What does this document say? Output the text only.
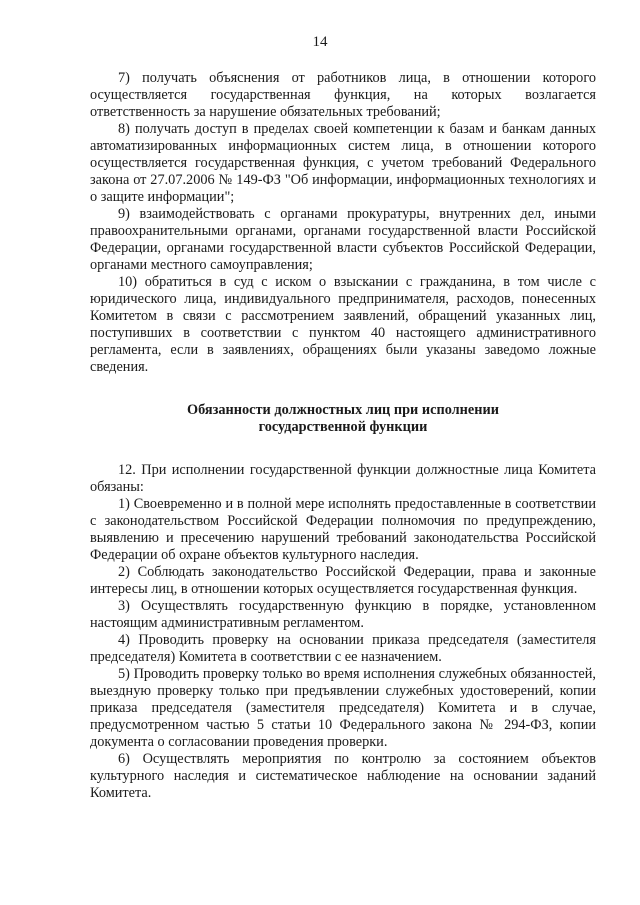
14

7) получать объяснения от работников лица, в отношении которого осуществляется государственная функция, на которых возлагается ответственность за нарушение обязательных требований;

8) получать доступ в пределах своей компетенции к базам и банкам данных автоматизированных информационных систем лица, в отношении которого осуществляется государственная функция, с учетом требований Федерального закона от 27.07.2006 № 149-ФЗ "Об информации, информационных технологиях и о защите информации";

9) взаимодействовать с органами прокуратуры, внутренних дел, иными правоохранительными органами, органами государственной власти Российской Федерации, органами государственной власти субъектов Российской Федерации, органами местного самоуправления;

10) обратиться в суд с иском о взыскании с гражданина, в том числе с юридического лица, индивидуального предпринимателя, расходов, понесенных Комитетом в связи с рассмотрением заявлений, обращений указанных лиц, поступивших в соответствии с пунктом 40 настоящего административного регламента, если в заявлениях, обращениях были указаны заведомо ложные сведения.

Обязанности должностных лиц при исполнении
государственной функции

12. При исполнении государственной функции должностные лица Комитета обязаны:

1) Своевременно и в полной мере исполнять предоставленные в соответствии с законодательством Российской Федерации полномочия по предупреждению, выявлению и пресечению нарушений требований законодательства Российской Федерации об охране объектов культурного наследия.

2) Соблюдать законодательство Российской Федерации, права и законные интересы лиц, в отношении которых осуществляется государственная функция.

3) Осуществлять государственную функцию в порядке, установленном настоящим административным регламентом.

4) Проводить проверку на основании приказа председателя (заместителя председателя) Комитета в соответствии с ее назначением.

5) Проводить проверку только во время исполнения служебных обязанностей, выездную проверку только при предъявлении служебных удостоверений, копии приказа председателя (заместителя председателя) Комитета и в случае, предусмотренном частью 5 статьи 10 Федерального закона № 294-ФЗ, копии документа о согласовании проведения проверки.

6) Осуществлять мероприятия по контролю за состоянием объектов культурного наследия и систематическое наблюдение на основании заданий Комитета.
